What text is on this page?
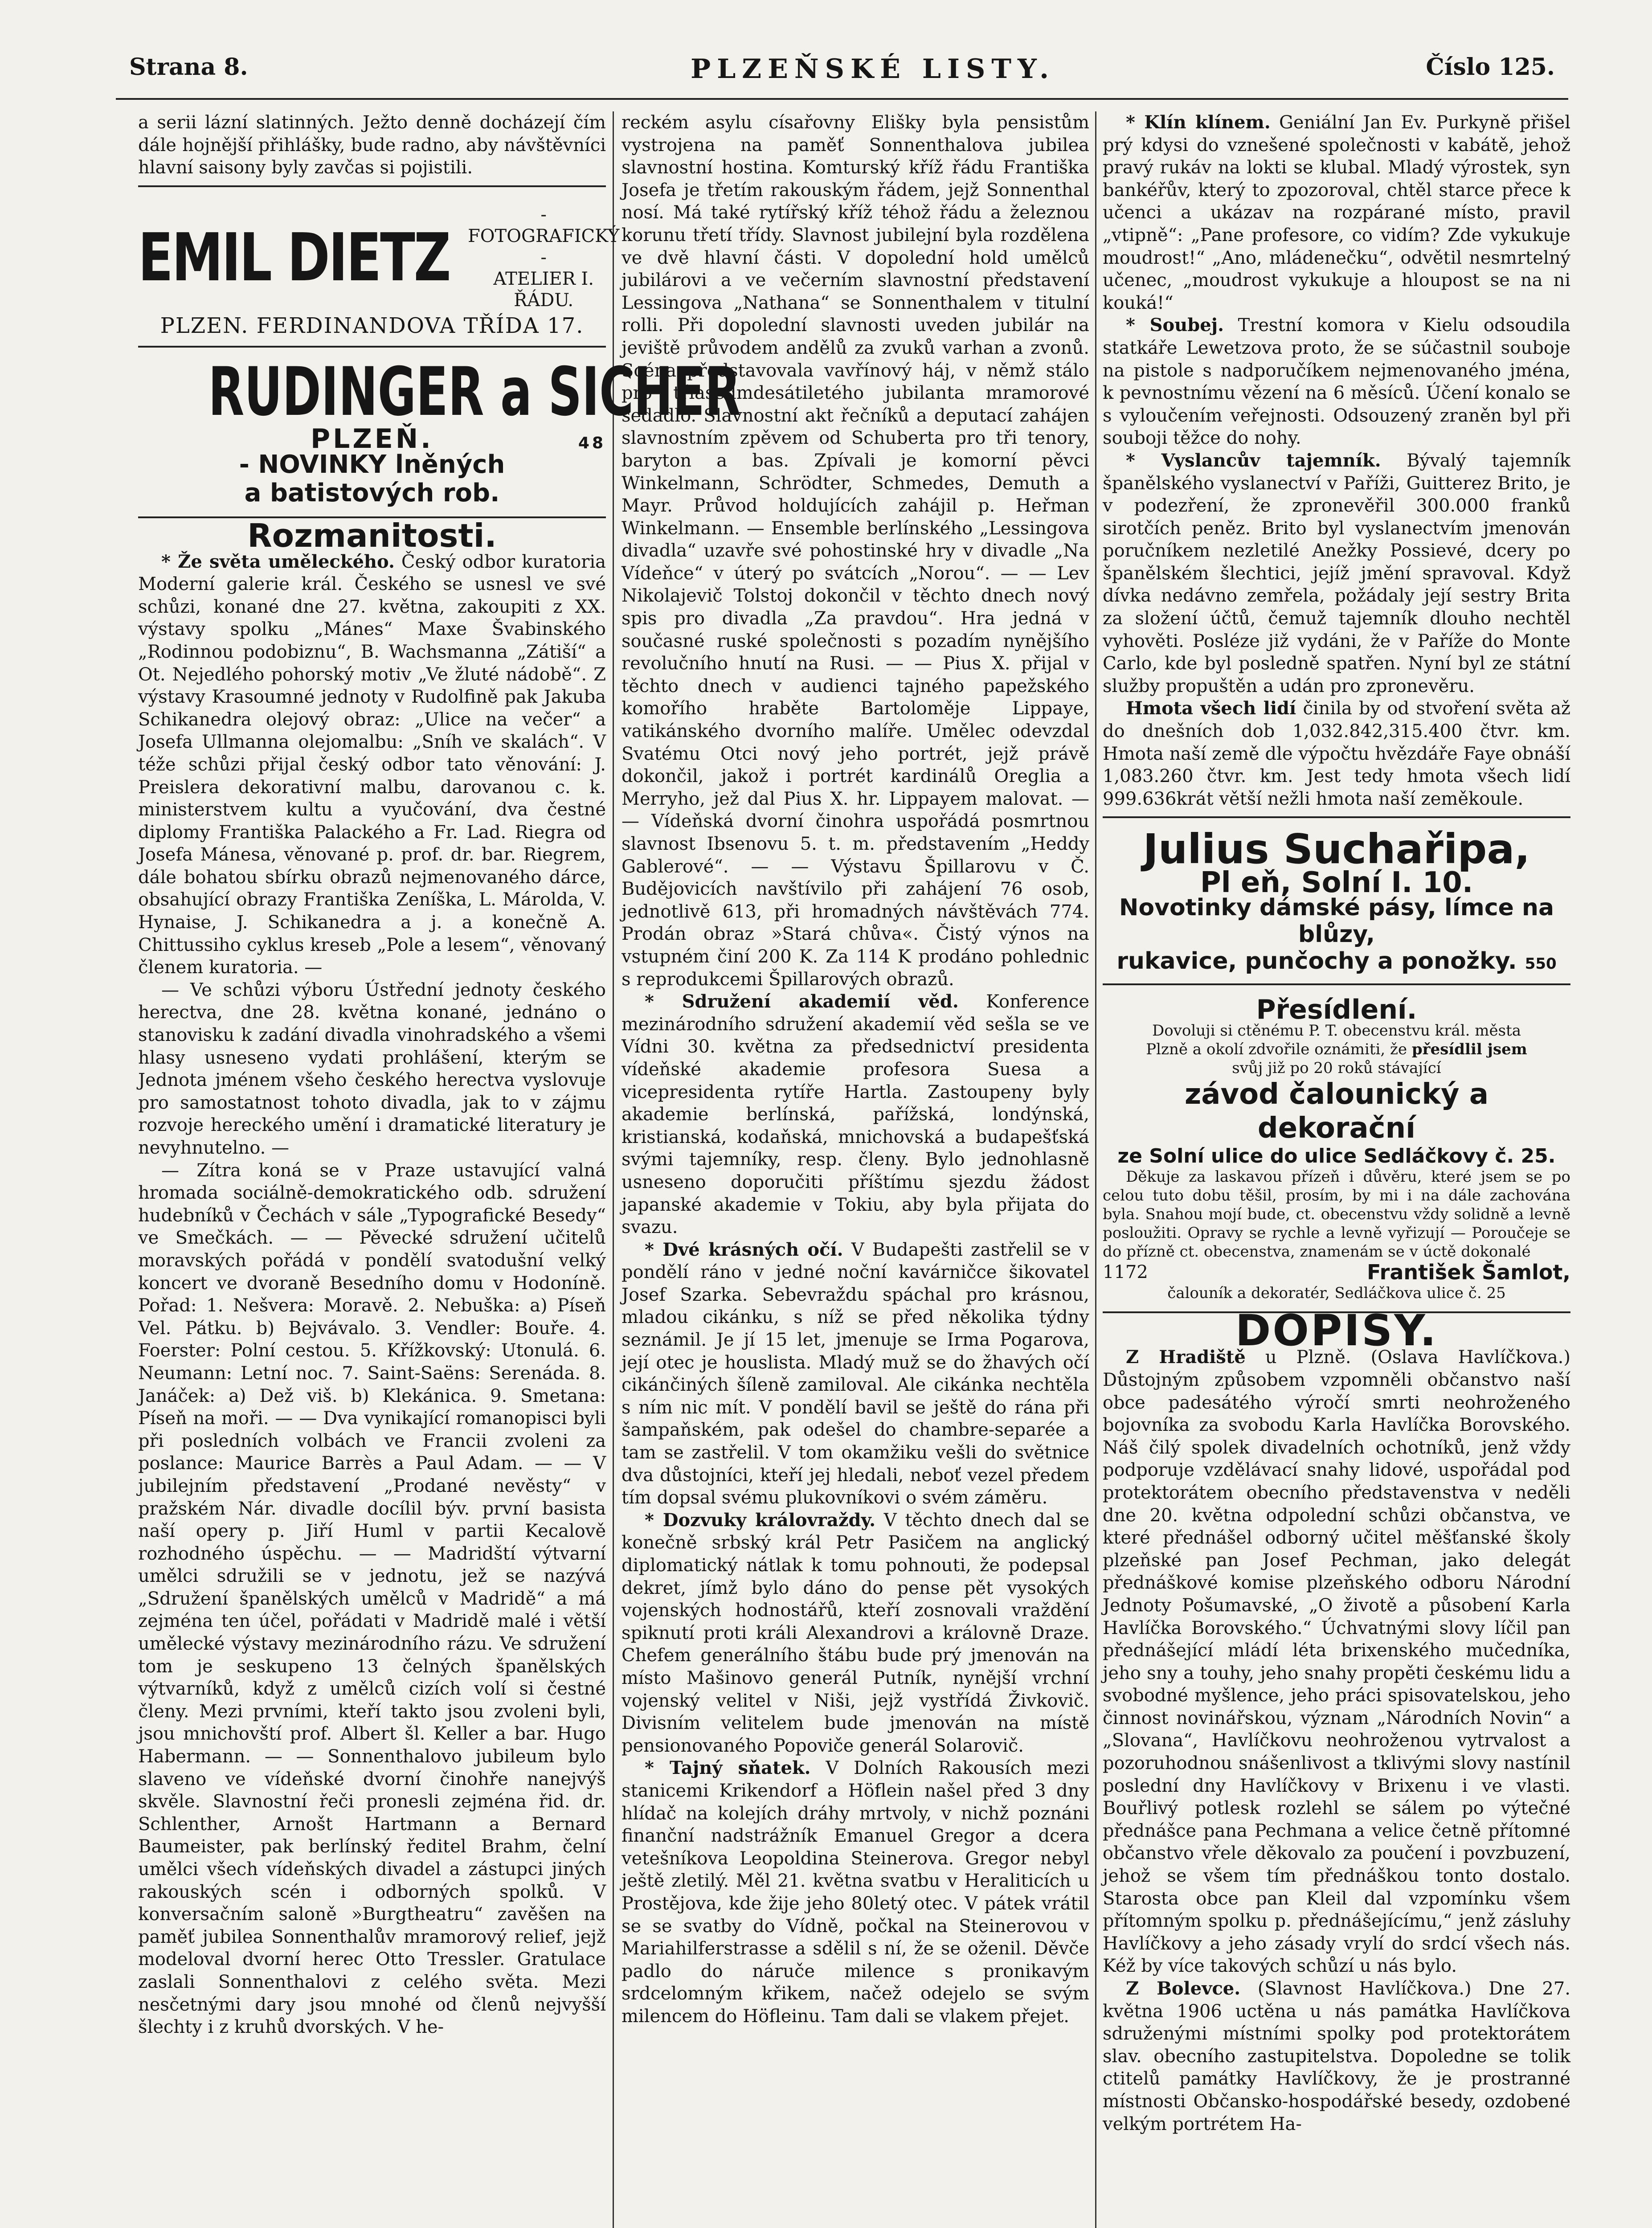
Strana 8.	PLZEŇSKÉ LISTY.	Číslo 125.

a serii lázní slatinných. Ježto denně docházejí čím dále hojnější přihlášky, bude radno, aby návštěvníci hlavní saisony byly zavčas si pojistili.

EMIL DIETZ
- FOTOGRAFICKÝ -
ATELIER I. ŘÁDU.
PLZEN. FERDINANDOVA TŘÍDA 17.
RUDINGER a SICHER
PLZEŇ.	48
- NOVINKY lněných
a batistových rob.
Rozmanitosti.

* Že světa uměleckého. Český odbor kuratoria Moderní galerie král. Českého se usnesl ve své schůzi, konané dne 27. května, zakoupiti z XX. výstavy spolku „Mánes“ Maxe Švabinského „Rodinnou podobiznu“, B. Wachsmanna „Zátiší“ a Ot. Nejedlého pohorský motiv „Ve žluté nádobě“. Z výstavy Krasoumné jednoty v Rudolfině pak Jakuba Schikanedra olejový obraz: „Ulice na večer“ a Josefa Ullmanna olejomalbu: „Sníh ve skalách“. V téže schůzi přijal český odbor tato věnování: J. Preislera dekorativní malbu, darovanou c. k. ministerstvem kultu a vyučování, dva čestné diplomy Františka Palackého a Fr. Lad. Riegra od Josefa Mánesa, věnované p. prof. dr. bar. Riegrem, dále bohatou sbírku obrazů nejmenovaného dárce, obsahující obrazy Františka Zeníška, L. Márolda, V. Hynaise, J. Schikanedra a j. a konečně A. Chittussiho cyklus kreseb „Pole a lesem“, věnovaný členem kuratoria. —

— Ve schůzi výboru Ústřední jednoty českého herectva, dne 28. května konané, jednáno o stanovisku k zadání divadla vinohradského a všemi hlasy usneseno vydati prohlášení, kterým se Jednota jménem všeho českého herectva vyslovuje pro samostatnost tohoto divadla, jak to v zájmu rozvoje hereckého umění i dramatické literatury je nevyhnutelno. —

— Zítra koná se v Praze ustavující valná hromada sociálně-demokratického odb. sdružení hudebníků v Čechách v sále „Typografické Besedy“ ve Smečkách. — — Pěvecké sdružení učitelů moravských pořádá v pondělí svatodušní velký koncert ve dvoraně Besedního domu v Hodoníně. Pořad: 1. Nešvera: Moravě. 2. Nebuška: a) Píseň Vel. Pátku. b) Bejvávalo. 3. Vendler: Bouře. 4. Foerster: Polní cestou. 5. Křížkovský: Utonulá. 6. Neumann: Letní noc. 7. Saint-Saëns: Serenáda. 8. Janáček: a) Dež viš. b) Klekánica. 9. Smetana: Píseň na moři. — — Dva vynikající romanopisci byli při posledních volbách ve Francii zvoleni za poslance: Maurice Barrès a Paul Adam. — — V jubilejním představení „Prodané nevěsty“ v pražském Nár. divadle docílil býv. první basista naší opery p. Jiří Huml v partii Kecalově rozhodného úspěchu. — — Madridští výtvarní umělci sdružili se v jednotu, jež se nazývá „Sdružení španělských umělců v Madridě“ a má zejména ten účel, pořádati v Madridě malé i větší umělecké výstavy mezinárodního rázu. Ve sdružení tom je seskupeno 13 čelných španělských výtvarníků, když z umělců cizích volí si čestné členy. Mezi prvními, kteří takto jsou zvoleni byli, jsou mnichovští prof. Albert šl. Keller a bar. Hugo Habermann. — — Sonnenthalovo jubileum bylo slaveno ve vídeňské dvorní činohře nanejvýš skvěle. Slavnostní řeči pronesli zejména řid. dr. Schlenther, Arnošt Hartmann a Bernard Baumeister, pak berlínský ředitel Brahm, čelní umělci všech vídeňských divadel a zástupci jiných rakouských scén i odborných spolků. V konversačním saloně »Burgtheatru“ zavěšen na paměť jubilea Sonnenthalův mramorový relief, jejž modeloval dvorní herec Otto Tressler. Gratulace zaslali Sonnenthalovi z celého světa. Mezi nesčetnými dary jsou mnohé od členů nejvyšší šlechty i z kruhů dvorských. V he-

reckém asylu císařovny Elišky byla pensistům vystrojena na paměť Sonnenthalova jubilea slavnostní hostina. Komturský kříž řádu Františka Josefa je třetím rakouským řádem, jejž Sonnenthal nosí. Má také rytířský kříž téhož řádu a železnou korunu třetí třídy. Slavnost jubilejní byla rozdělena ve dvě hlavní části. V dopolední hold umělců jubilárovi a ve večerním slavnostní představení Lessingova „Nathana“ se Sonnenthalem v titulní rolli. Při dopolední slavnosti uveden jubilár na jeviště průvodem andělů za zvuků varhan a zvonů. Scéna představovala vavřínový háj, v němž stálo pro třiasedmdesátiletého jubilanta mramorové sedadlo. Slavnostní akt řečníků a deputací zahájen slavnostním zpěvem od Schuberta pro tři tenory, baryton a bas. Zpívali je komorní pěvci Winkelmann, Schrödter, Schmedes, Demuth a Mayr. Průvod holdujících zahájil p. Heřman Winkelmann. — Ensemble berlínského „Lessingova divadla“ uzavře své pohostinské hry v divadle „Na Vídeňce“ v úterý po svátcích „Norou“. — — Lev Nikolajevič Tolstoj dokončil v těchto dnech nový spis pro divadla „Za pravdou“. Hra jedná v současné ruské společnosti s pozadím nynějšího revolučního hnutí na Rusi. — — Pius X. přijal v těchto dnech v audienci tajného papežského komořího hraběte Bartoloměje Lippaye, vatikánského dvorního malíře. Umělec odevzdal Svatému Otci nový jeho portrét, jejž právě dokončil, jakož i portrét kardinálů Oreglia a Merryho, jež dal Pius X. hr. Lippayem malovat. — — Vídeňská dvorní činohra uspořádá posmrtnou slavnost Ibsenovu 5. t. m. představením „Heddy Gablerové“. — — Výstavu Špillarovu v Č. Budějovicích navštívilo při zahájení 76 osob, jednotlivě 613, při hromadných návštěvách 774. Prodán obraz »Stará chůva«. Čistý výnos na vstupném činí 200 K. Za 114 K prodáno pohlednic s reprodukcemi Špillarových obrazů.

* Sdružení akademií věd. Konference mezinárodního sdružení akademií věd sešla se ve Vídni 30. května za předsednictví presidenta vídeňské akademie profesora Suesa a vicepresidenta rytíře Hartla. Zastoupeny byly akademie berlínská, pařížská, londýnská, kristianská, kodaňská, mnichovská a budapešťská svými tajemníky, resp. členy. Bylo jednohlasně usneseno doporučiti příštímu sjezdu žádost japanské akademie v Tokiu, aby byla přijata do svazu.

* Dvé krásných očí. V Budapešti zastřelil se v pondělí ráno v jedné noční kavárničce šikovatel Josef Szarka. Sebevraždu spáchal pro krásnou, mladou cikánku, s níž se před několika týdny seznámil. Je jí 15 let, jmenuje se Irma Pogarova, její otec je houslista. Mladý muž se do žhavých očí cikánčiných šíleně zamiloval. Ale cikánka nechtěla s ním nic mít. V pondělí bavil se ještě do rána při šampaňském, pak odešel do chambre-separée a tam se zastřelil. V tom okamžiku vešli do světnice dva důstojníci, kteří jej hledali, neboť vezel předem tím dopsal svému plukovníkovi o svém záměru.

* Dozvuky královraždy. V těchto dnech dal se konečně srbský král Petr Pasičem na anglický diplomatický nátlak k tomu pohnouti, že podepsal dekret, jímž bylo dáno do pense pět vysokých vojenských hodnostářů, kteří zosnovali vraždění spiknutí proti králi Alexandrovi a královně Draze. Chefem generálního štábu bude prý jmenován na místo Mašinovo generál Putník, nynější vrchní vojenský velitel v Niši, jejž vystřídá Živkovič. Divisním velitelem bude jmenován na místě pensionovaného Popoviče generál Solarovič.

* Tajný sňatek. V Dolních Rakousích mezi stanicemi Krikendorf a Höflein našel před 3 dny hlídač na kolejích dráhy mrtvoly, v nichž poznáni finanční nadstrážník Emanuel Gregor a dcera vetešníkova Leopoldina Steinerova. Gregor nebyl ještě zletilý. Měl 21. května svatbu v Heraliticích u Prostějova, kde žije jeho 80letý otec. V pátek vrátil se se svatby do Vídně, počkal na Steinerovou v Mariahilferstrasse a sdělil s ní, že se oženil. Děvče padlo do náruče milence s pronikavým srdcelomným křikem, načež odejelo se svým milencem do Höfleinu. Tam dali se vlakem přejet.

* Klín klínem. Geniální Jan Ev. Purkyně přišel prý kdysi do vznešené společnosti v kabátě, jehož pravý rukáv na lokti se klubal. Mladý výrostek, syn bankéřův, který to zpozoroval, chtěl starce přece k učenci a ukázav na rozpárané místo, pravil „vtipně“: „Pane profesore, co vidím? Zde vykukuje moudrost!“ „Ano, mládenečku“, odvětil nesmrtelný učenec, „moudrost vykukuje a hloupost se na ni kouká!“

* Soubej. Trestní komora v Kielu odsoudila statkáře Lewetzova proto, že se súčastnil souboje na pistole s nadporučíkem nejmenovaného jména, k pevnostnímu vězení na 6 měsíců. Účení konalo se s vyloučením veřejnosti. Odsouzený zraněn byl při souboji těžce do nohy.

* Vyslancův tajemník. Bývalý tajemník španělského vyslanectví v Paříži, Guitterez Brito, je v podezření, že zpronevěřil 300.000 franků sirotčích peněz. Brito byl vyslanectvím jmenován poručníkem nezletilé Anežky Possievé, dcery po španělském šlechtici, jejíž jmění spravoval. Když dívka nedávno zemřela, požádaly její sestry Brita za složení účtů, čemuž tajemník dlouho nechtěl vyhověti. Posléze již vydáni, že v Paříže do Monte Carlo, kde byl posledně spatřen. Nyní byl ze státní služby propuštěn a udán pro zpronevěru.

Hmota všech lidí činila by od stvoření světa až do dnešních dob 1,032.842,315.400 čtvr. km. Hmota naší země dle výpočtu hvězdáře Faye obnáší 1,083.260 čtvr. km. Jest tedy hmota všech lidí 999.636krát větší nežli hmota naší zeměkoule.

Julius Suchařipa,
Pl eň, Solní I. 10.
Novotinky dámské pásy, límce na blůzy,
rukavice, punčochy a ponožky. 550
Přesídlení.
Dovoluji si ctěnému P. T. obecenstvu král. města
Plzně a okolí zdvořile oznámiti, že přesídlil jsem
svůj již po 20 roků stávající
závod čalounický a dekorační
ze Solní ulice do ulice Sedláčkovy č. 25.

Děkuje za laskavou přízeň i důvěru, které jsem se po celou tuto dobu těšil, prosím, by mi i na dále zachována byla. Snahou mojí bude, ct. obecenstvu vždy solidně a levně posloužiti. Opravy se rychle a levně vyřizují — Poroučeje se do přízně ct. obecenstva, znamenám se v úctě dokonalé

1172	František Šamlot,
čalouník a dekoratér, Sedláčkova ulice č. 25
DOPISY.

Z Hradiště u Plzně. (Oslava Havlíčkova.) Důstojným způsobem vzpomněli občanstvo naší obce padesátého výročí smrti neohroženého bojovníka za svobodu Karla Havlíčka Borovského. Náš čilý spolek divadelních ochotníků, jenž vždy podporuje vzdělávací snahy lidové, uspořádal pod protektorátem obecního představenstva v neděli dne 20. května odpolední schůzi občanstva, ve které přednášel odborný učitel měšťanské školy plzeňské pan Josef Pechman, jako delegát přednáškové komise plzeňského odboru Národní Jednoty Pošumavské, „O životě a působení Karla Havlíčka Borovského.“ Úchvatnými slovy líčil pan přednášející mládí léta brixenského mučedníka, jeho sny a touhy, jeho snahy propěti českému lidu a svobodné myšlence, jeho práci spisovatelskou, jeho činnost novinářskou, význam „Národních Novin“ a „Slovana“, Havlíčkovu neohroženou vytrvalost a pozoruhodnou snášenlivost a tklivými slovy nastínil poslední dny Havlíčkovy v Brixenu i ve vlasti. Bouřlivý potlesk rozlehl se sálem po výtečné přednášce pana Pechmana a velice četně přítomné občanstvo vřele děkovalo za poučení i povzbuzení, jehož se všem tím přednáškou tonto dostalo. Starosta obce pan Kleil dal vzpomínku všem přítomným spolku p. přednášejícímu,“ jenž zásluhy Havlíčkovy a jeho zásady vrylí do srdcí všech nás. Kéž by více takových schůzí u nás bylo.

Z Bolevce. (Slavnost Havlíčkova.) Dne 27. května 1906 uctěna u nás památka Havlíčkova sdruženými místními spolky pod protektorátem slav. obecního zastupitelstva. Dopoledne se tolik ctitelů památky Havlíčkovy, že je prostranné místnosti Občansko-hospodářské besedy, ozdobené velkým portrétem Ha-
